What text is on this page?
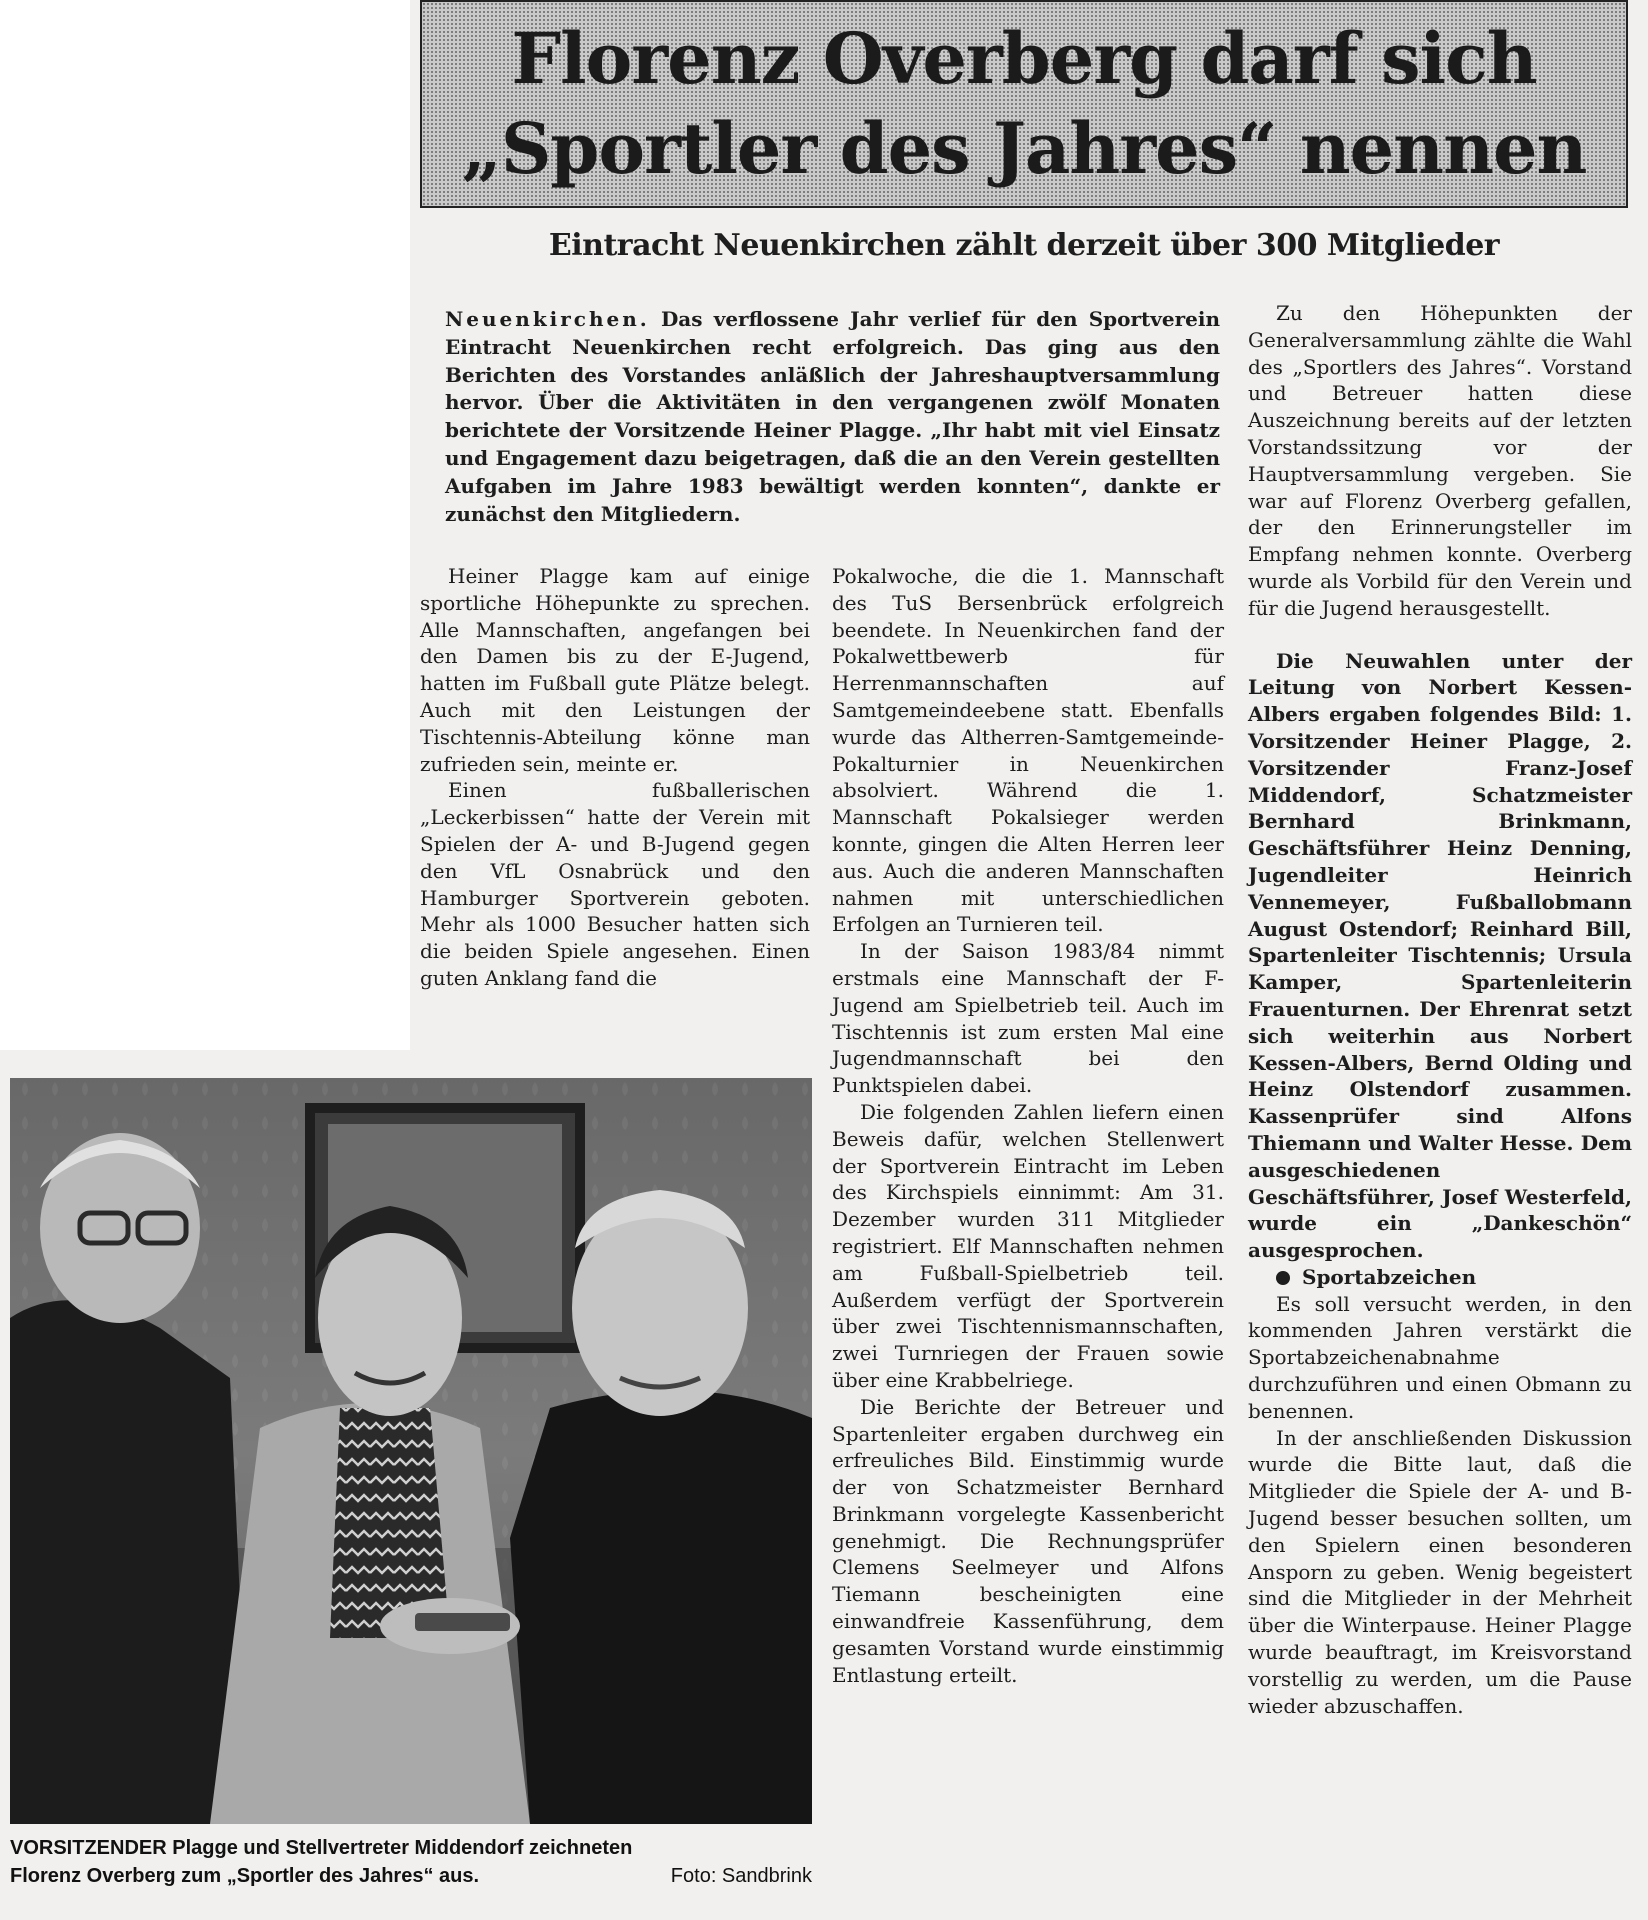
Florenz Overberg darf sich
„Sportler des Jahres“ nennen
Eintracht Neuenkirchen zählt derzeit über 300 Mitglieder
Neuenkirchen. Das verflossene Jahr verlief für den Sportverein Eintracht Neuenkirchen recht erfolgreich. Das ging aus den Berichten des Vorstandes anläßlich der Jahreshauptversammlung hervor. Über die Aktivitäten in den vergangenen zwölf Monaten berichtete der Vorsitzende Heiner Plagge. „Ihr habt mit viel Einsatz und Engagement dazu beigetragen, daß die an den Verein gestellten Aufgaben im Jahre 1983 bewältigt werden konnten“, dankte er zunächst den Mitgliedern.

Heiner Plagge kam auf einige sportliche Höhepunkte zu sprechen. Alle Mannschaften, angefangen bei den Damen bis zu der E-Jugend, hatten im Fußball gute Plätze belegt. Auch mit den Leistungen der Tischtennis-Abteilung könne man zufrieden sein, meinte er.

Einen fußballerischen „Leckerbissen“ hatte der Verein mit Spielen der A- und B-Jugend gegen den VfL Osnabrück und den Hamburger Sportverein geboten. Mehr als 1000 Besucher hatten sich die beiden Spiele angesehen. Einen guten Anklang fand die

Pokalwoche, die die 1. Mannschaft des TuS Bersenbrück erfolgreich beendete. In Neuenkirchen fand der Pokalwettbewerb für Herrenmannschaften auf Samtgemeindeebene statt. Ebenfalls wurde das Altherren-Samtgemeinde-Pokalturnier in Neuenkirchen absolviert. Während die 1. Mannschaft Pokalsieger werden konnte, gingen die Alten Herren leer aus. Auch die anderen Mannschaften nahmen mit unterschiedlichen Erfolgen an Turnieren teil.

In der Saison 1983/84 nimmt erstmals eine Mannschaft der F-Jugend am Spielbetrieb teil. Auch im Tischtennis ist zum ersten Mal eine Jugendmannschaft bei den Punktspielen dabei.

Die folgenden Zahlen liefern einen Beweis dafür, welchen Stellenwert der Sportverein Eintracht im Leben des Kirchspiels einnimmt: Am 31. Dezember wurden 311 Mitglieder registriert. Elf Mannschaften nehmen am Fußball-Spielbetrieb teil. Außerdem verfügt der Sportverein über zwei Tischtennismannschaften, zwei Turnriegen der Frauen sowie über eine Krabbelriege.

Die Berichte der Betreuer und Spartenleiter ergaben durchweg ein erfreuliches Bild. Einstimmig wurde der von Schatzmeister Bernhard Brinkmann vorgelegte Kassenbericht genehmigt. Die Rechnungsprüfer Clemens Seelmeyer und Alfons Tiemann bescheinigten eine einwandfreie Kassenführung, dem gesamten Vorstand wurde einstimmig Entlastung erteilt.

Zu den Höhepunkten der Generalversammlung zählte die Wahl des „Sportlers des Jahres“. Vorstand und Betreuer hatten diese Auszeichnung bereits auf der letzten Vorstandssitzung vor der Hauptversammlung vergeben. Sie war auf Florenz Overberg gefallen, der den Erinnerungsteller im Empfang nehmen konnte. Overberg wurde als Vorbild für den Verein und für die Jugend herausgestellt.

Die Neuwahlen unter der Leitung von Norbert Kessen-Albers ergaben folgendes Bild: 1. Vorsitzender Heiner Plagge, 2. Vorsitzender Franz-Josef Middendorf, Schatzmeister Bernhard Brinkmann, Geschäftsführer Heinz Denning, Jugendleiter Heinrich Vennemeyer, Fußballobmann August Ostendorf; Reinhard Bill, Spartenleiter Tischtennis; Ursula Kamper, Spartenleiterin Frauenturnen. Der Ehrenrat setzt sich weiterhin aus Norbert Kessen-Albers, Bernd Olding und Heinz Olstendorf zusammen. Kassenprüfer sind Alfons Thiemann und Walter Hesse. Dem ausgeschiedenen Geschäftsführer, Josef Westerfeld, wurde ein „Dankeschön“ ausgesprochen.

Sportabzeichen

Es soll versucht werden, in den kommenden Jahren verstärkt die Sportabzeichenabnahme durchzuführen und einen Obmann zu benennen.

In der anschließenden Diskussion wurde die Bitte laut, daß die Mitglieder die Spiele der A- und B-Jugend besser besuchen sollten, um den Spielern einen besonderen Ansporn zu geben. Wenig begeistert sind die Mitglieder in der Mehrheit über die Winterpause. Heiner Plagge wurde beauftragt, im Kreisvorstand vorstellig zu werden, um die Pause wieder abzuschaffen.

VORSITZENDER Plagge und Stellvertreter Middendorf zeichneten
Florenz Overberg zum „Sportler des Jahres“ aus.	Foto: Sandbrink
